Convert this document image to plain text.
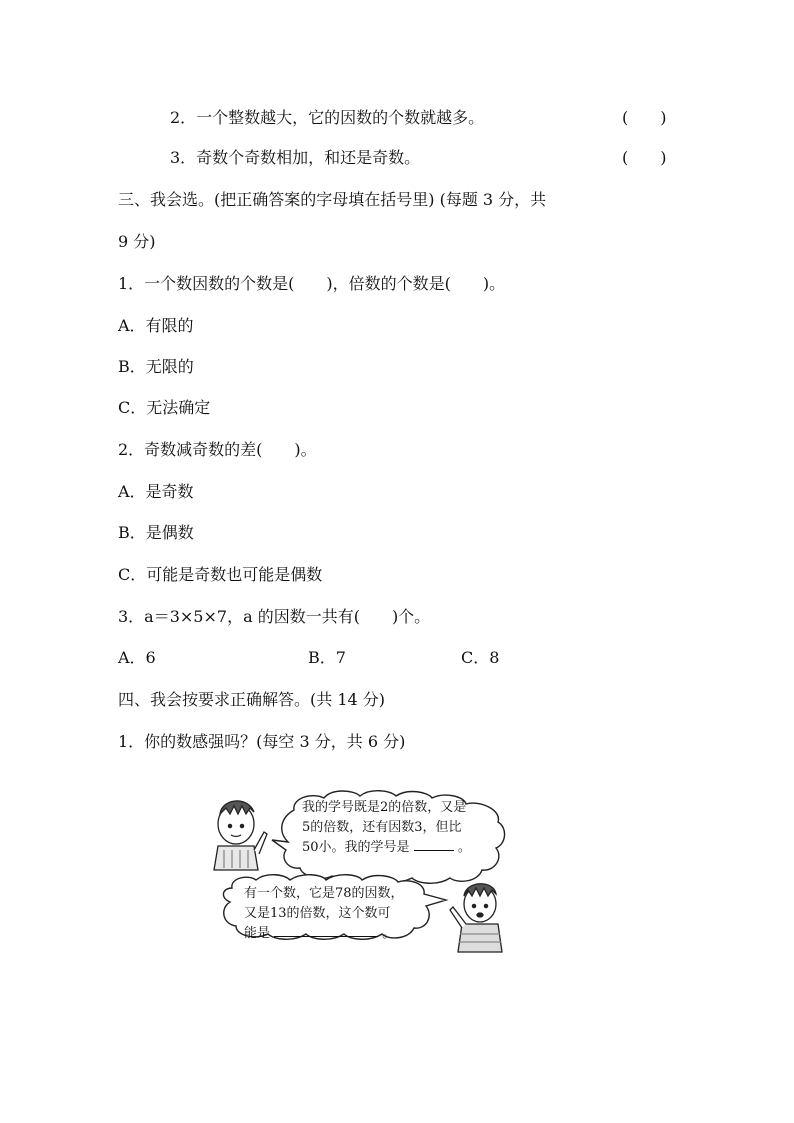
2．一个整数越大，它的因数的个数就越多。	(　　)
3．奇数个奇数相加，和还是奇数。	(　　)
三、我会选。(把正确答案的字母填在括号里) (每题 3 分，共
9 分)
1．一个数因数的个数是(　　)，倍数的个数是(　　)。
A．有限的
B．无限的
C．无法确定
2．奇数减奇数的差(　　)。
A．是奇数
B．是偶数
C．可能是奇数也可能是偶数
3．a＝3×5×7，a 的因数一共有(　　)个。
A．6	B．7	C．8
四、我会按要求正确解答。(共 14 分)
1．你的数感强吗？(每空 3 分，共 6 分)
我的学号既是2的倍数，又是
5的倍数，还有因数3，但比
50小。我的学号是	。
有一个数，它是78的因数，
又是13的倍数，这个数可
能是	。
